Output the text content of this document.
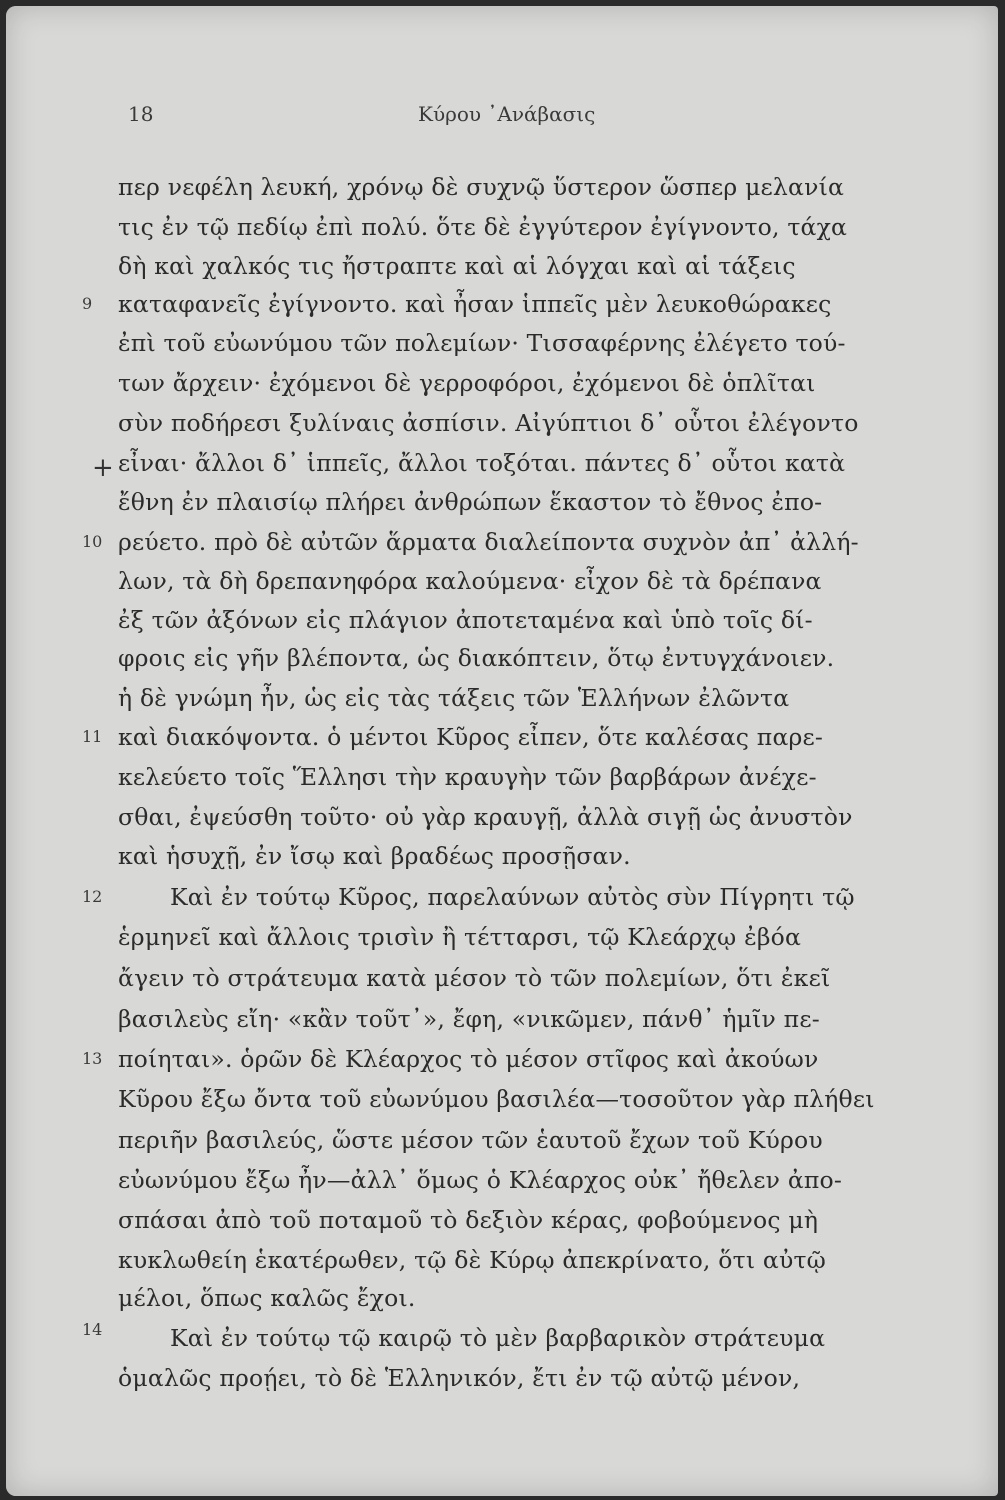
18	Κύρου ᾽Ανάβασις
+
9
10
11
12
13
14
περ νεφέλη λευκή, χρόνῳ δὲ συχνῷ ὕστερον ὥσπερ μελανία
τις ἐν τῷ πεδίῳ ἐπὶ πολύ. ὅτε δὲ ἐγγύτερον ἐγίγνοντο, τάχα
δὴ καὶ χαλκός τις ἤστραπτε καὶ αἱ λόγχαι καὶ αἱ τάξεις
καταφανεῖς ἐγίγνοντο. καὶ ἦσαν ἱππεῖς μὲν λευκοθώρακες
ἐπὶ τοῦ εὐωνύμου τῶν πολεμίων· Τισσαφέρνης ἐλέγετο τού-
των ἄρχειν· ἐχόμενοι δὲ γερροφόροι, ἐχόμενοι δὲ ὁπλῖται
σὺν ποδήρεσι ξυλίναις ἀσπίσιν. Αἰγύπτιοι δ᾽ οὗτοι ἐλέγοντο
εἶναι· ἄλλοι δ᾽ ἱππεῖς, ἄλλοι τοξόται. πάντες δ᾽ οὗτοι κατὰ
ἔθνη ἐν πλαισίῳ πλήρει ἀνθρώπων ἕκαστον τὸ ἔθνος ἐπο-
ρεύετο. πρὸ δὲ αὐτῶν ἅρματα διαλείποντα συχνὸν ἀπ᾽ ἀλλή-
λων, τὰ δὴ δρεπανηφόρα καλούμενα· εἶχον δὲ τὰ δρέπανα
ἐξ τῶν ἀξόνων εἰς πλάγιον ἀποτεταμένα καὶ ὑπὸ τοῖς δί-
φροις εἰς γῆν βλέποντα, ὡς διακόπτειν, ὅτῳ ἐντυγχάνοιεν.
ἡ δὲ γνώμη ἦν, ὡς εἰς τὰς τάξεις τῶν Ἑλλήνων ἐλῶντα
καὶ διακόψοντα. ὁ μέντοι Κῦρος εἶπεν, ὅτε καλέσας παρε-
κελεύετο τοῖς Ἕλλησι τὴν κραυγὴν τῶν βαρβάρων ἀνέχε-
σθαι, ἐψεύσθη τοῦτο· οὐ γὰρ κραυγῇ, ἀλλὰ σιγῇ ὡς ἀνυστὸν
καὶ ἡσυχῇ, ἐν ἴσῳ καὶ βραδέως προσῇσαν.
Καὶ ἐν τούτῳ Κῦρος, παρελαύνων αὐτὸς σὺν Πίγρητι τῷ
ἑρμηνεῖ καὶ ἄλλοις τρισὶν ἢ τέτταρσι, τῷ Κλεάρχῳ ἐβόα
ἄγειν τὸ στράτευμα κατὰ μέσον τὸ τῶν πολεμίων, ὅτι ἐκεῖ
βασιλεὺς εἴη· «κἂν τοῦτ᾽», ἔφη, «νικῶμεν, πάνθ᾽ ἡμῖν πε-
ποίηται». ὁρῶν δὲ Κλέαρχος τὸ μέσον στῖφος καὶ ἀκούων
Κῦρου ἔξω ὄντα τοῦ εὐωνύμου βασιλέα—τοσοῦτον γὰρ πλήθει
περιῆν βασιλεύς, ὥστε μέσον τῶν ἑαυτοῦ ἔχων τοῦ Κύρου
εὐωνύμου ἔξω ἦν—ἀλλ᾽ ὅμως ὁ Κλέαρχος οὐκ᾽ ἤθελεν ἀπο-
σπάσαι ἀπὸ τοῦ ποταμοῦ τὸ δεξιὸν κέρας, φοβούμενος μὴ
κυκλωθείη ἑκατέρωθεν, τῷ δὲ Κύρῳ ἀπεκρίνατο, ὅτι αὐτῷ
μέλοι, ὅπως καλῶς ἔχοι.
Καὶ ἐν τούτῳ τῷ καιρῷ τὸ μὲν βαρβαρικὸν στράτευμα
ὁμαλῶς προῄει, τὸ δὲ Ἑλληνικόν, ἔτι ἐν τῷ αὐτῷ μένον,
